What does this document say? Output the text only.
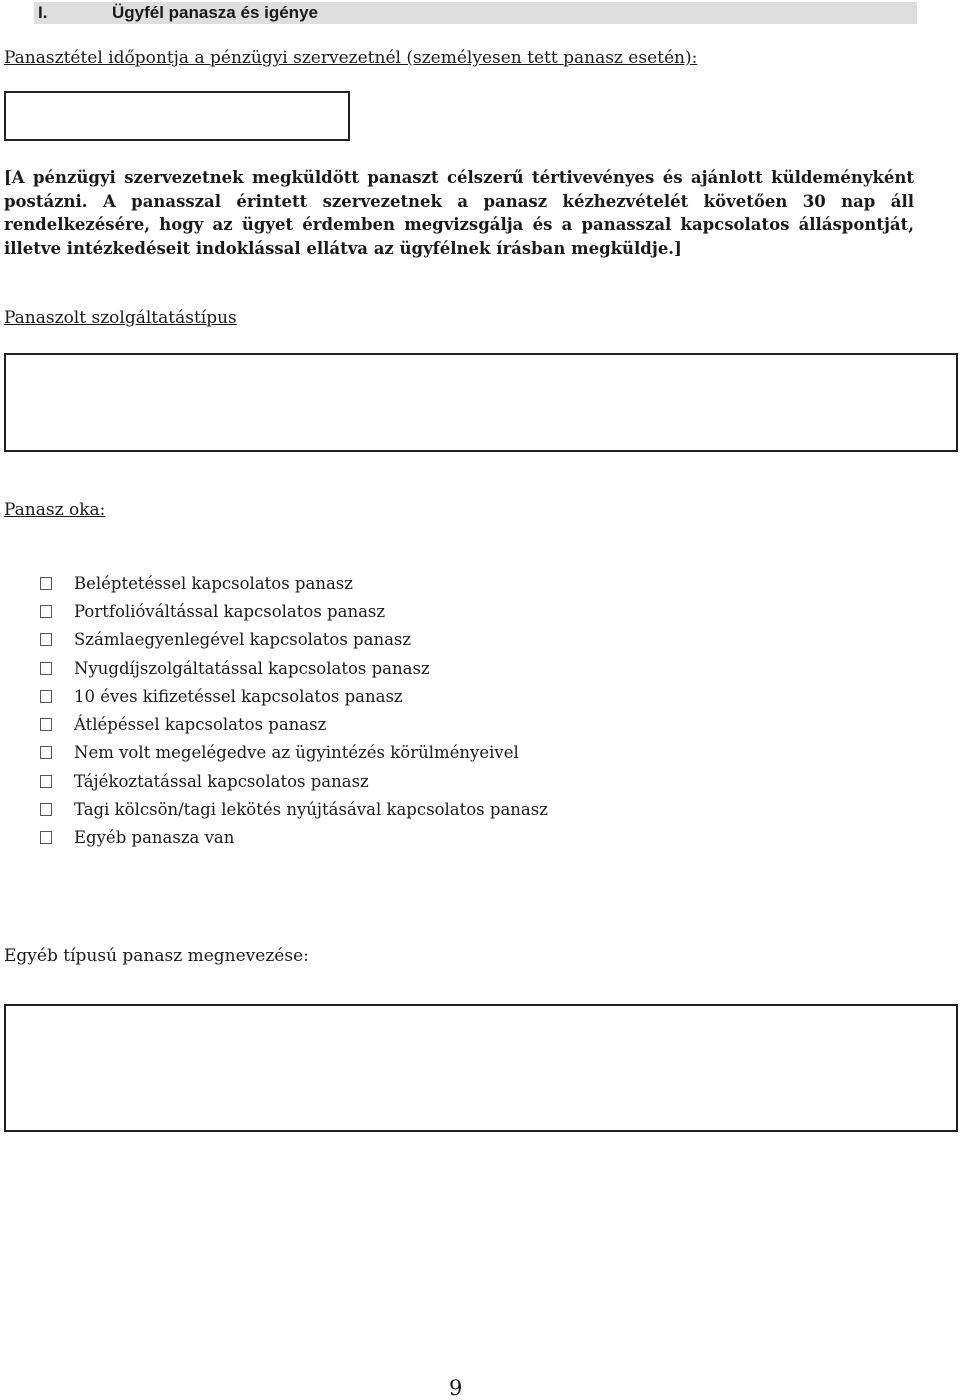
I.	Ügyfél panasza és igénye
Panasztétel időpontja a pénzügyi szervezetnél (személyesen tett panasz esetén):
[A pénzügyi szervezetnek megküldött panaszt célszerű tértivevényes és ajánlott küldeményként postázni. A panasszal érintett szervezetnek a panasz kézhezvételét követően 30 nap áll rendelkezésére, hogy az ügyet érdemben megvizsgálja és a panasszal kapcsolatos álláspontját, illetve intézkedéseit indoklással ellátva az ügyfélnek írásban megküldje.]
Panaszolt szolgáltatástípus
Panasz oka:
Beléptetéssel kapcsolatos panasz
Portfolióváltással kapcsolatos panasz
Számlaegyenlegével kapcsolatos panasz
Nyugdíjszolgáltatással kapcsolatos panasz
10 éves kifizetéssel kapcsolatos panasz
Átlépéssel kapcsolatos panasz
Nem volt megelégedve az ügyintézés körülményeivel
Tájékoztatással kapcsolatos panasz
Tagi kölcsön/tagi lekötés nyújtásával kapcsolatos panasz
Egyéb panasza van
Egyéb típusú panasz megnevezése:
9
